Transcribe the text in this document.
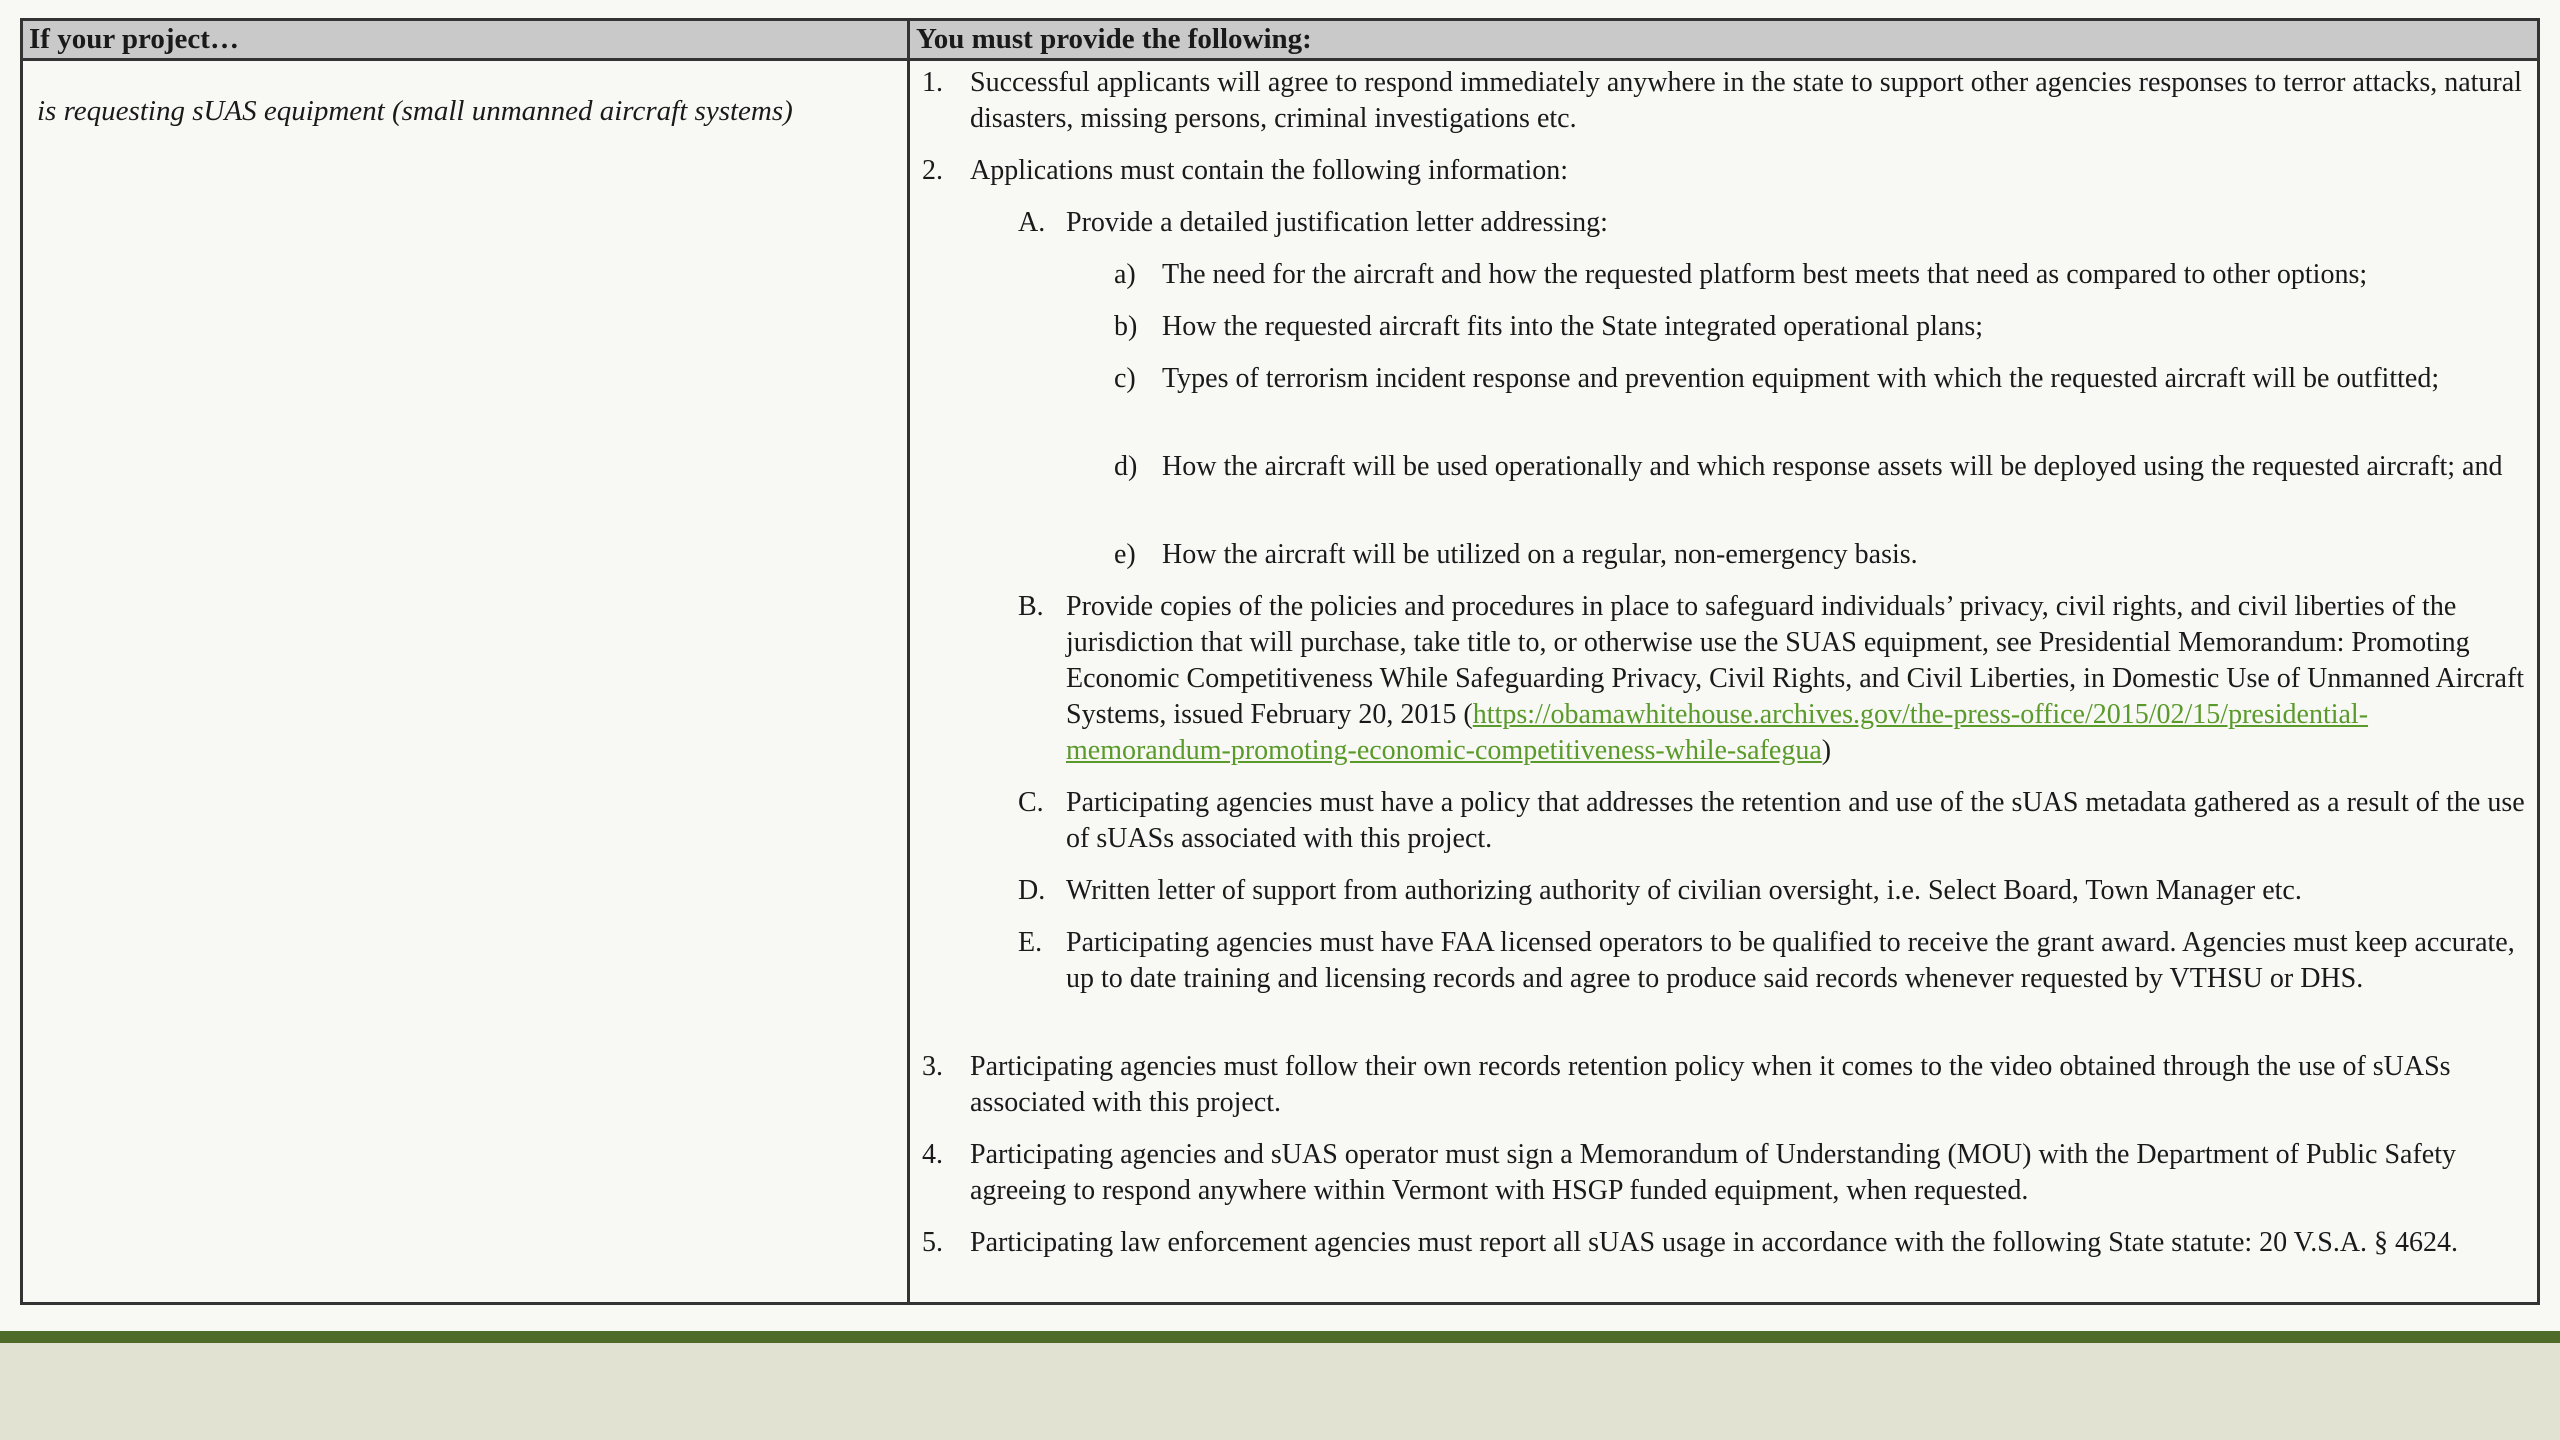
If your project…	You must provide the following:
is requesting sUAS equipment (small unmanned aircraft systems)
1. Successful applicants will agree to respond immediately anywhere in the state to support other agencies responses to terror attacks, natural disasters, missing persons, criminal investigations etc.
2. Applications must contain the following information:
A. Provide a detailed justification letter addressing:
a) The need for the aircraft and how the requested platform best meets that need as compared to other options;
b) How the requested aircraft fits into the State integrated operational plans;
c) Types of terrorism incident response and prevention equipment with which the requested aircraft will be outfitted;
d) How the aircraft will be used operationally and which response assets will be deployed using the requested aircraft; and
e) How the aircraft will be utilized on a regular, non-emergency basis.
B. Provide copies of the policies and procedures in place to safeguard individuals’ privacy, civil rights, and civil liberties of the jurisdiction that will purchase, take title to, or otherwise use the SUAS equipment, see Presidential Memorandum: Promoting Economic Competitiveness While Safeguarding Privacy, Civil Rights, and Civil Liberties, in Domestic Use of Unmanned Aircraft Systems, issued February 20, 2015 (https://obamawhitehouse.archives.gov/the-press-office/2015/02/15/presidential-memorandum-promoting-economic-competitiveness-while-safegua)
C. Participating agencies must have a policy that addresses the retention and use of the sUAS metadata gathered as a result of the use of sUASs associated with this project.
D. Written letter of support from authorizing authority of civilian oversight, i.e. Select Board, Town Manager etc.
E. Participating agencies must have FAA licensed operators to be qualified to receive the grant award. Agencies must keep accurate, up to date training and licensing records and agree to produce said records whenever requested by VTHSU or DHS.
3. Participating agencies must follow their own records retention policy when it comes to the video obtained through the use of sUASs associated with this project.
4. Participating agencies and sUAS operator must sign a Memorandum of Understanding (MOU) with the Department of Public Safety agreeing to respond anywhere within Vermont with HSGP funded equipment, when requested.
5. Participating law enforcement agencies must report all sUAS usage in accordance with the following State statute: 20 V.S.A. § 4624.
